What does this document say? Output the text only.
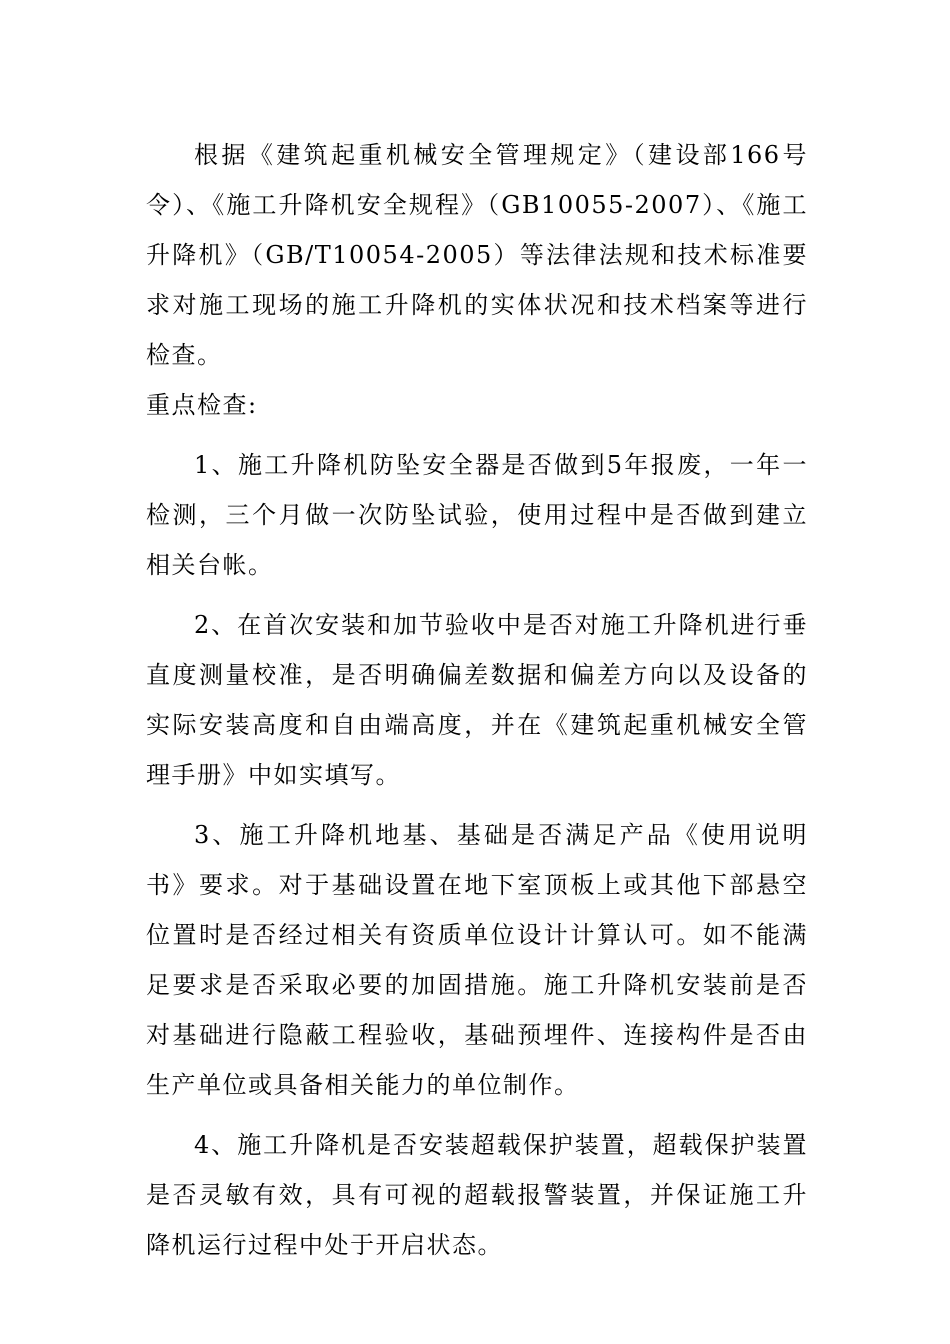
根据《建筑起重机械安全管理规定》（建设部166号令）、《施工升降机安全规程》（GB10055-2007）、《施工升降机》（GB/T10054-2005）等法律法规和技术标准要求对施工现场的施工升降机的实体状况和技术档案等进行检查。

重点检查:

1、施工升降机防坠安全器是否做到5年报废，一年一检测，三个月做一次防坠试验，使用过程中是否做到建立相关台帐。

2、在首次安装和加节验收中是否对施工升降机进行垂直度测量校准，是否明确偏差数据和偏差方向以及设备的实际安装高度和自由端高度，并在《建筑起重机械安全管理手册》中如实填写。

3、施工升降机地基、基础是否满足产品《使用说明书》要求。对于基础设置在地下室顶板上或其他下部悬空位置时是否经过相关有资质单位设计计算认可。如不能满足要求是否采取必要的加固措施。施工升降机安装前是否对基础进行隐蔽工程验收，基础预埋件、连接构件是否由生产单位或具备相关能力的单位制作。

4、施工升降机是否安装超载保护装置，超载保护装置是否灵敏有效，具有可视的超载报警装置，并保证施工升降机运行过程中处于开启状态。
